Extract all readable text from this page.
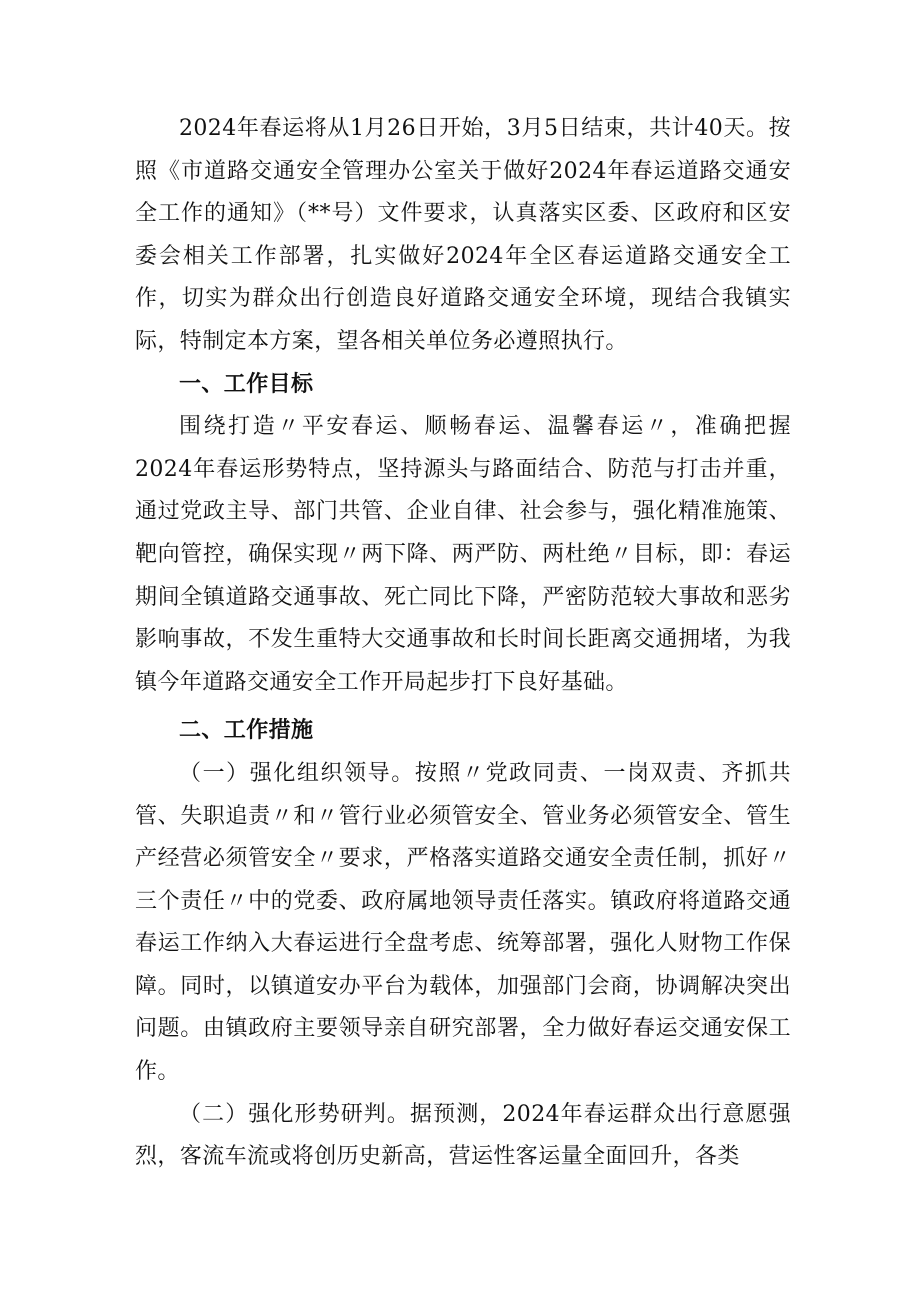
2024年春运将从1月26日开始，3月5日结束，共计40天。按照《市道路交通安全管理办公室关于做好2024年春运道路交通安全工作的通知》（**号）文件要求，认真落实区委、区政府和区安委会相关工作部署，扎实做好2024年全区春运道路交通安全工作，切实为群众出行创造良好道路交通安全环境，现结合我镇实际，特制定本方案，望各相关单位务必遵照执行。

一、工作目标

围绕打造〃平安春运、顺畅春运、温馨春运〃，准确把握2024年春运形势特点，坚持源头与路面结合、防范与打击并重，通过党政主导、部门共管、企业自律、社会参与，强化精准施策、靶向管控，确保实现〃两下降、两严防、两杜绝〃目标，即：春运期间全镇道路交通事故、死亡同比下降，严密防范较大事故和恶劣影响事故，不发生重特大交通事故和长时间长距离交通拥堵，为我镇今年道路交通安全工作开局起步打下良好基础。

二、工作措施

（一）强化组织领导。按照〃党政同责、一岗双责、齐抓共管、失职追责〃和〃管行业必须管安全、管业务必须管安全、管生产经营必须管安全〃要求，严格落实道路交通安全责任制，抓好〃三个责任〃中的党委、政府属地领导责任落实。镇政府将道路交通春运工作纳入大春运进行全盘考虑、统筹部署，强化人财物工作保障。同时，以镇道安办平台为载体，加强部门会商，协调解决突出问题。由镇政府主要领导亲自研究部署，全力做好春运交通安保工作。

（二）强化形势研判。据预测，2024年春运群众出行意愿强烈，客流车流或将创历史新高，营运性客运量全面回升，各类
